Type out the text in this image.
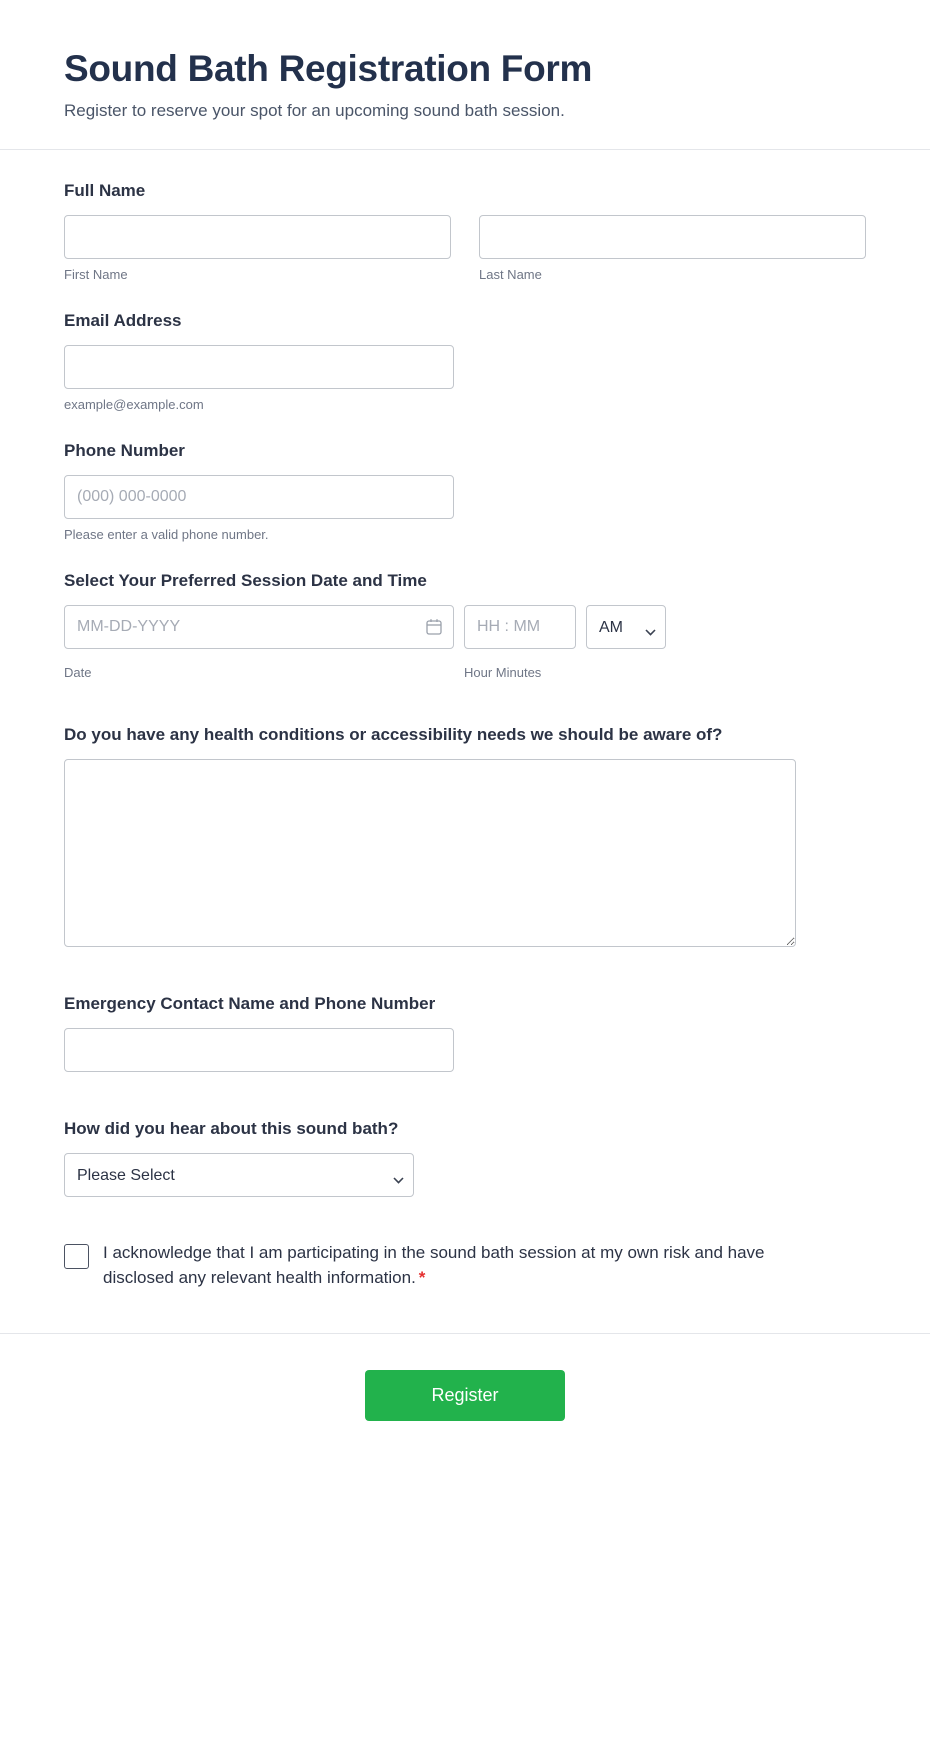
Sound Bath Registration Form

Register to reserve your spot for an upcoming sound bath session.

Full Name
First Name	Last Name
Email Address
example@example.com
Phone Number
(000) 000-0000
Please enter a valid phone number.
Select Your Preferred Session Date and Time
MM-DD-YYYY
HH : MM
AM
Date	Hour Minutes
Do you have any health conditions or accessibility needs we should be aware of?
Emergency Contact Name and Phone Number
How did you hear about this sound bath?
Please Select
I acknowledge that I am participating in the sound bath session at my own risk and have disclosed any relevant health information. *
Register
